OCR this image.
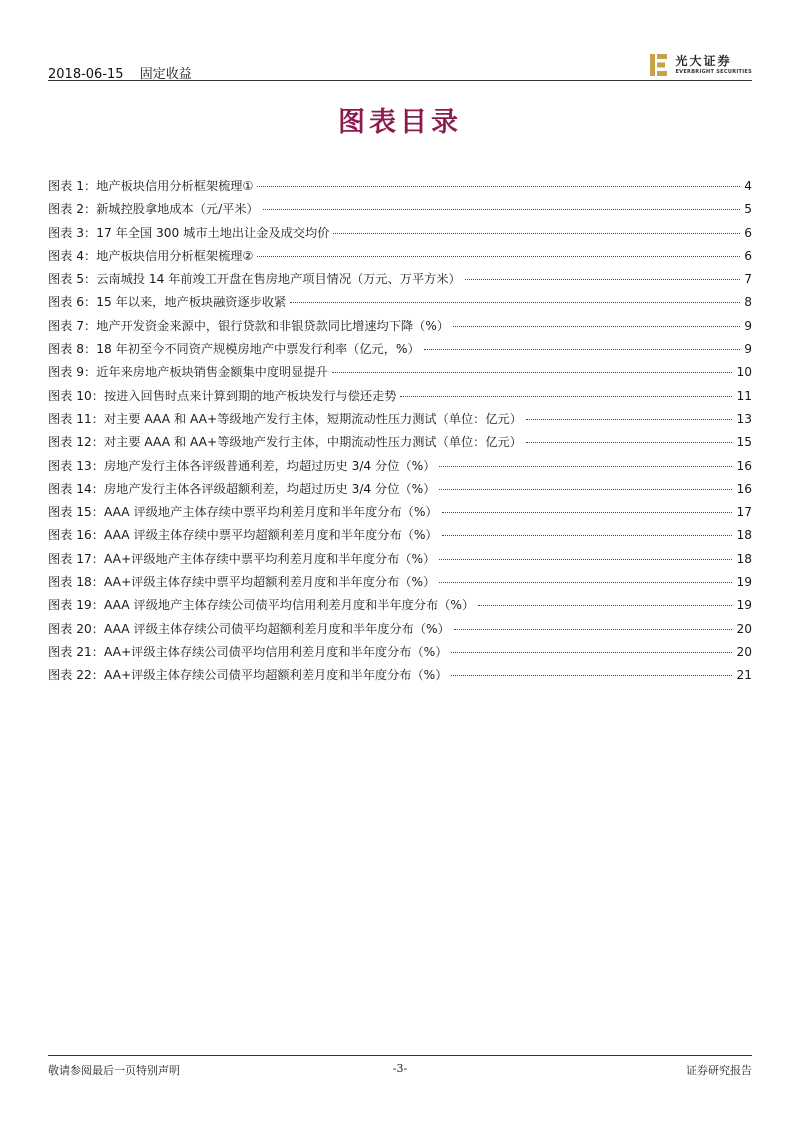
2018-06-15 固定收益
光大证券
EVERBRIGHT SECURITIES
图表目录
图表 1：地产板块信用分析框架梳理①	4
图表 2：新城控股拿地成本（元/平米）	5
图表 3：17 年全国 300 城市土地出让金及成交均价	6
图表 4：地产板块信用分析框架梳理②	6
图表 5：云南城投 14 年前竣工开盘在售房地产项目情况（万元、万平方米）	7
图表 6：15 年以来，地产板块融资逐步收紧	8
图表 7：地产开发资金来源中，银行贷款和非银贷款同比增速均下降（%）	9
图表 8：18 年初至今不同资产规模房地产中票发行利率（亿元，%）	9
图表 9：近年来房地产板块销售金额集中度明显提升	10
图表 10：按进入回售时点来计算到期的地产板块发行与偿还走势	11
图表 11：对主要 AAA 和 AA+等级地产发行主体，短期流动性压力测试（单位：亿元）	13
图表 12：对主要 AAA 和 AA+等级地产发行主体，中期流动性压力测试（单位：亿元）	15
图表 13：房地产发行主体各评级普通利差，均超过历史 3/4 分位（%）	16
图表 14：房地产发行主体各评级超额利差，均超过历史 3/4 分位（%）	16
图表 15：AAA 评级地产主体存续中票平均利差月度和半年度分布（%）	17
图表 16：AAA 评级主体存续中票平均超额利差月度和半年度分布（%）	18
图表 17：AA+评级地产主体存续中票平均利差月度和半年度分布（%）	18
图表 18：AA+评级主体存续中票平均超额利差月度和半年度分布（%）	19
图表 19：AAA 评级地产主体存续公司债平均信用利差月度和半年度分布（%）	19
图表 20：AAA 评级主体存续公司债平均超额利差月度和半年度分布（%）	20
图表 21：AA+评级主体存续公司债平均信用利差月度和半年度分布（%）	20
图表 22：AA+评级主体存续公司债平均超额利差月度和半年度分布（%）	21
敬请参阅最后一页特别声明	-3-	证券研究报告
